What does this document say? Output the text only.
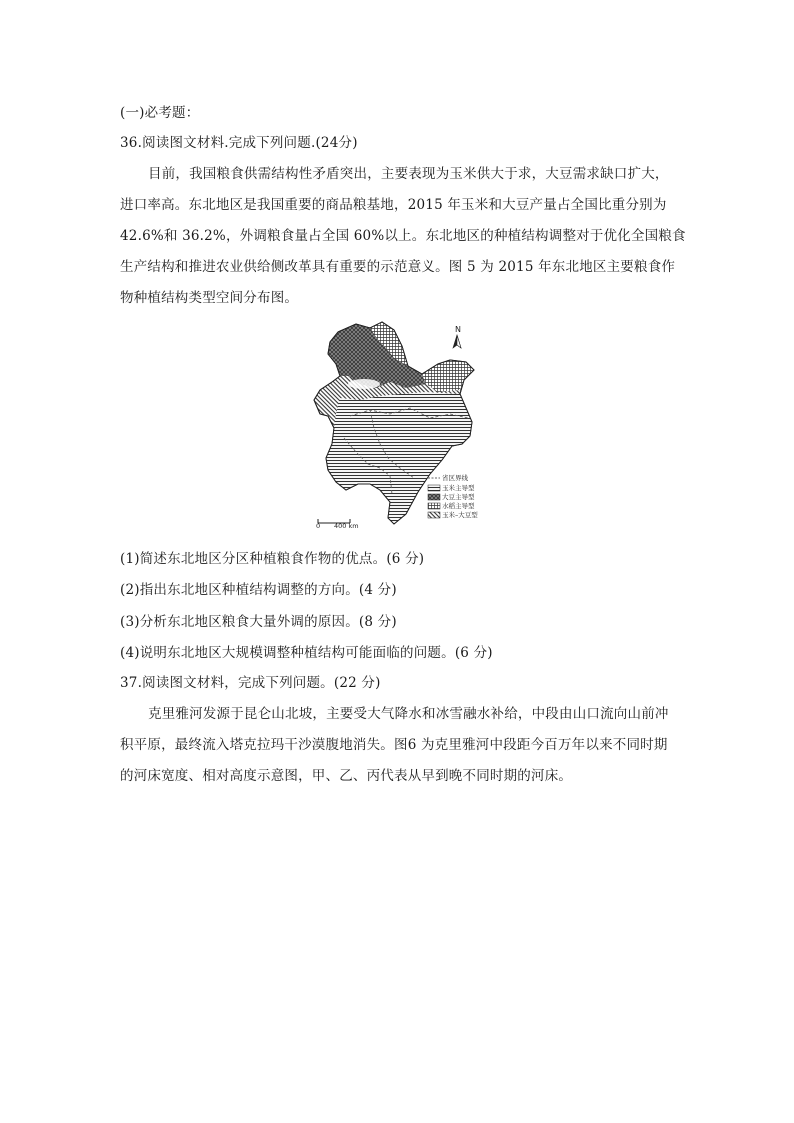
(一)必考题：
36.阅读图文材料.完成下列问题.(24分)
目前，我国粮食供需结构性矛盾突出，主要表现为玉米供大于求，大豆需求缺口扩大，
进口率高。东北地区是我国重要的商品粮基地，2015 年玉米和大豆产量占全国比重分别为
42.6%和 36.2%，外调粮食量占全国 60%以上。东北地区的种植结构调整对于优化全国粮食
生产结构和推进农业供给侧改革具有重要的示范意义。图 5 为 2015 年东北地区主要粮食作
物种植结构类型空间分布图。
N
0 400 km
省区界线
玉米主导型
大豆主导型
水稻主导型
玉米–大豆型
(1)简述东北地区分区种植粮食作物的优点。(6 分)
(2)指出东北地区种植结构调整的方向。(4 分)
(3)分析东北地区粮食大量外调的原因。(8 分)
(4)说明东北地区大规模调整种植结构可能面临的问题。(6 分)
37.阅读图文材料，完成下列问题。(22 分)
克里雅河发源于昆仑山北坡，主要受大气降水和冰雪融水补给，中段由山口流向山前冲
积平原，最终流入塔克拉玛干沙漠腹地消失。图6 为克里雅河中段距今百万年以来不同时期
的河床宽度、相对高度示意图，甲、乙、丙代表从早到晚不同时期的河床。
